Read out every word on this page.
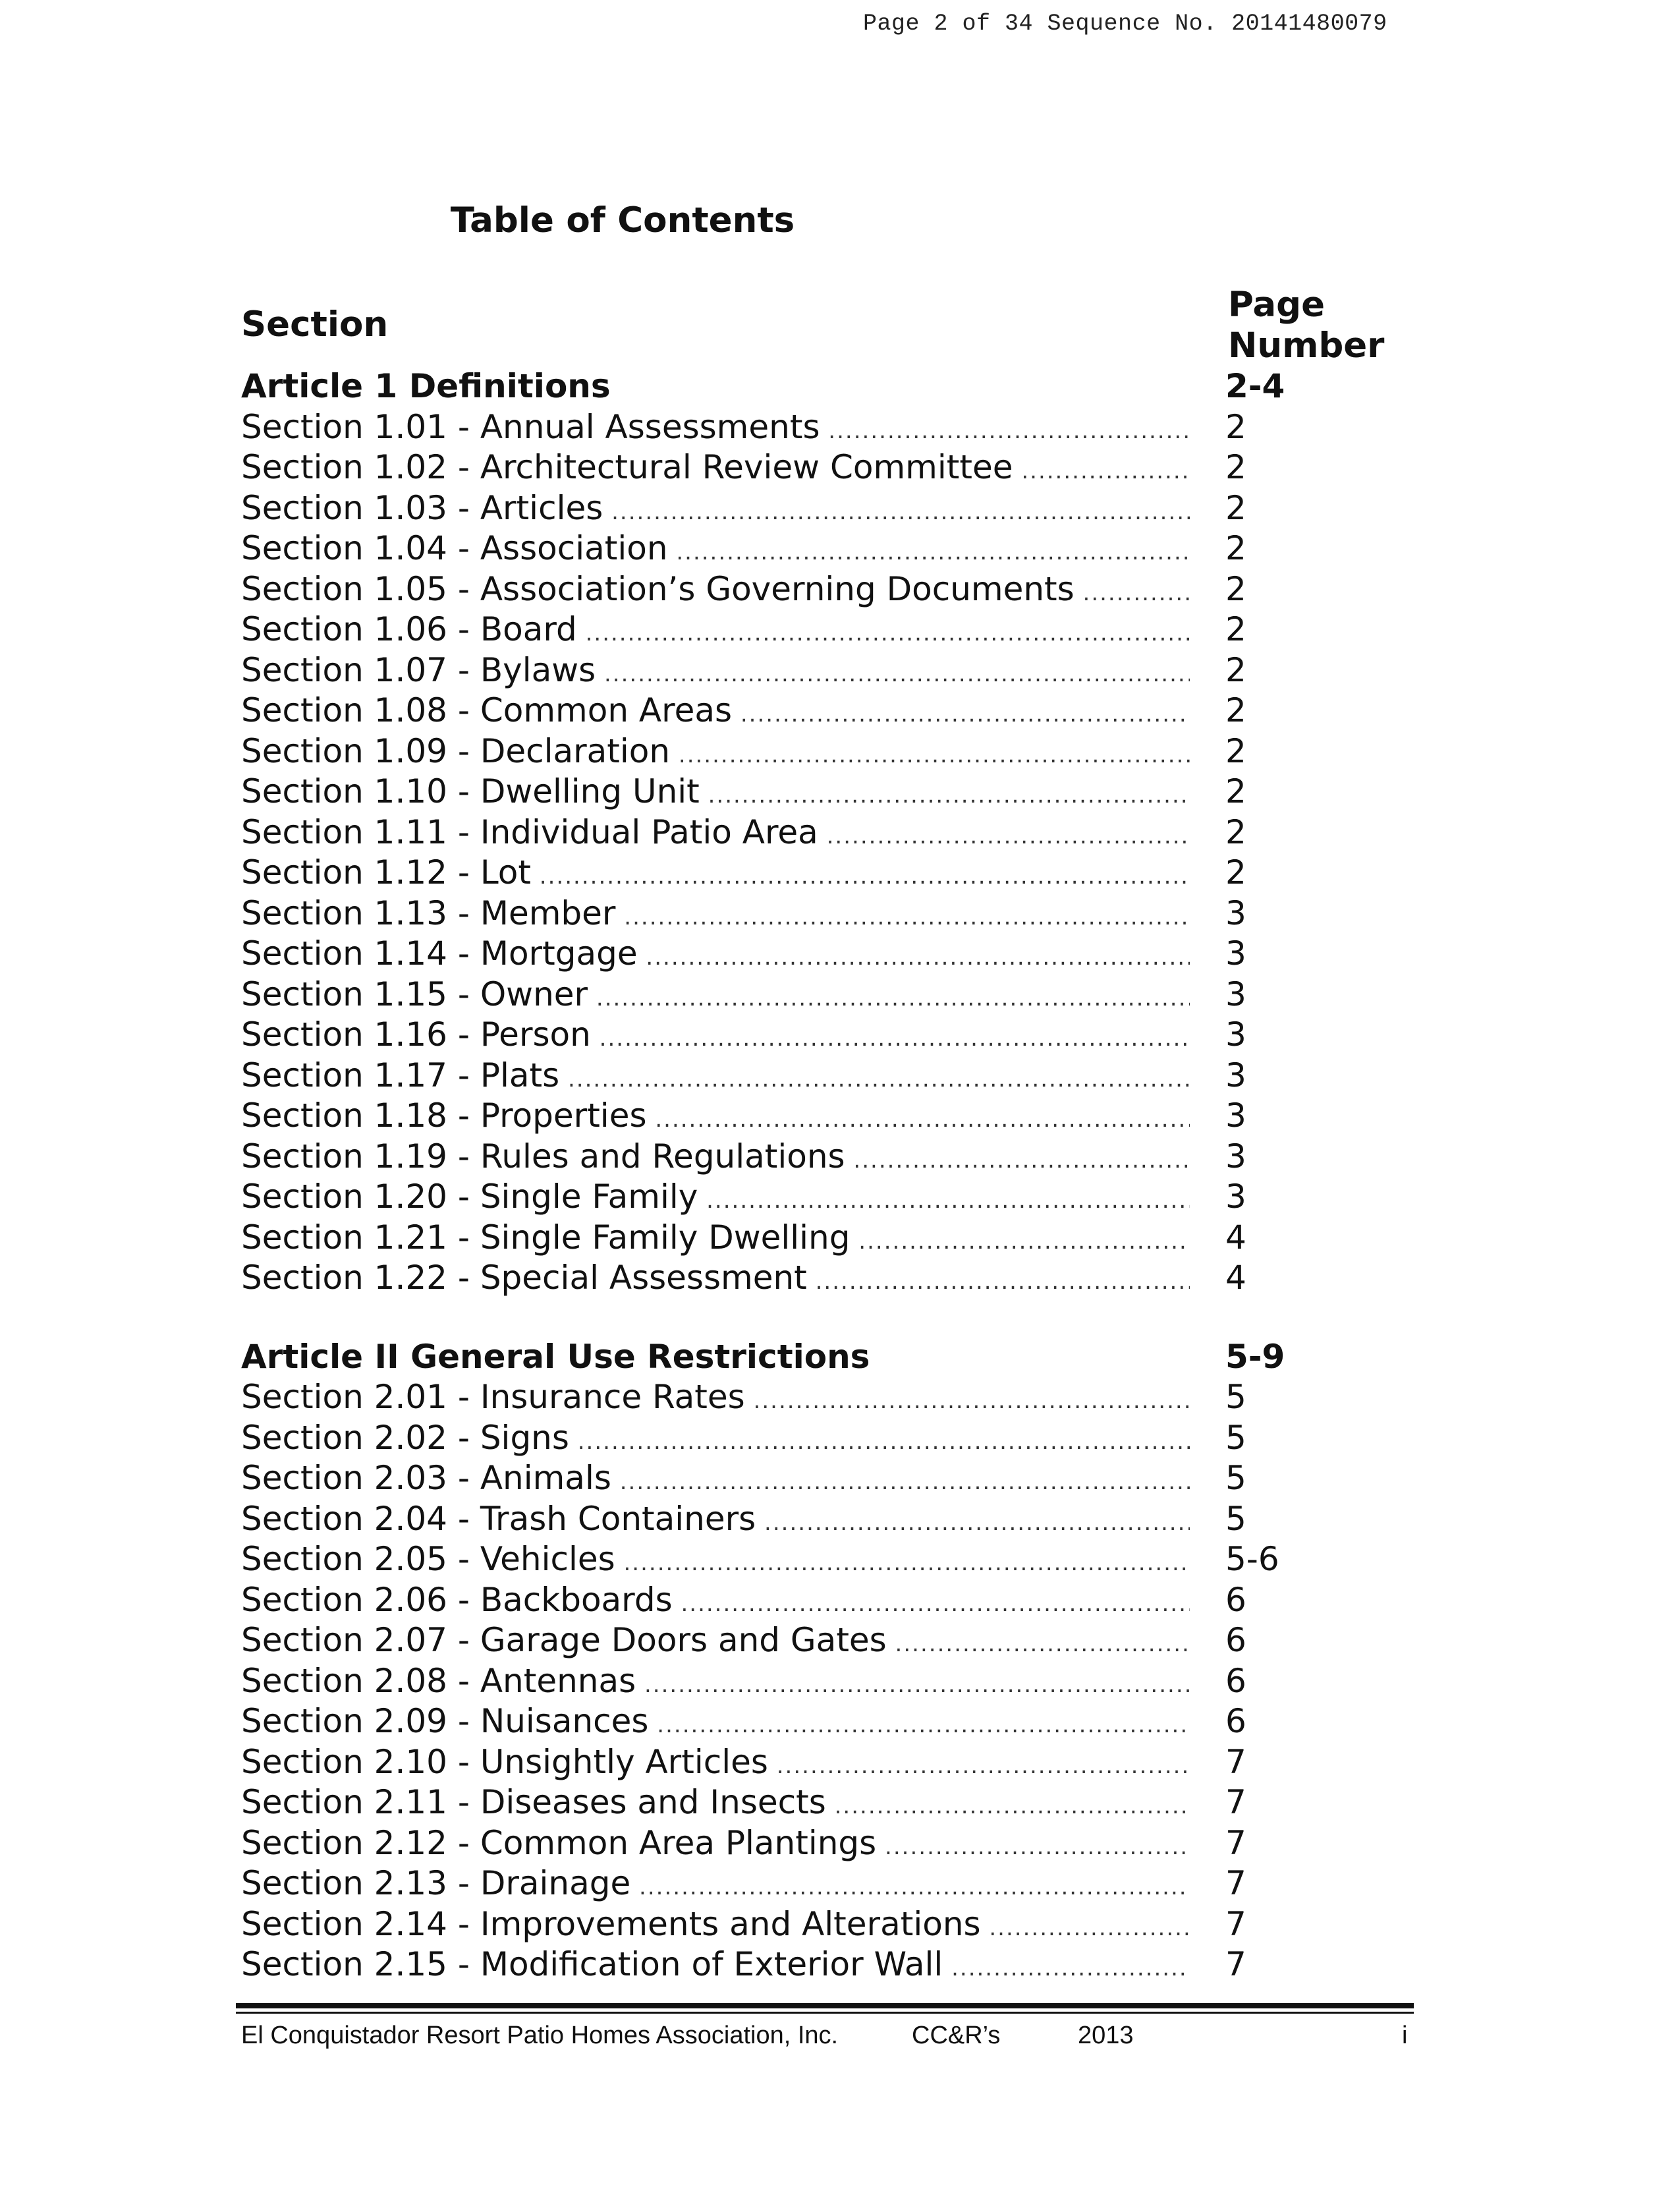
Page 2 of 34 Sequence No. 20141480079
Table of Contents
Section	Page
Number
Article 1 Definitions	2-4
Section 1.01 - Annual Assessments .....	2
Section 1.02 - Architectural Review Committee .....	2
Section 1.03 - Articles .....	2
Section 1.04 - Association .....	2
Section 1.05 - Association’s Governing Documents .....	2
Section 1.06 - Board .....	2
Section 1.07 - Bylaws .....	2
Section 1.08 - Common Areas .....	2
Section 1.09 - Declaration .....	2
Section 1.10 - Dwelling Unit .....	2
Section 1.11 - Individual Patio Area .....	2
Section 1.12 - Lot .....	2
Section 1.13 - Member .....	3
Section 1.14 - Mortgage .....	3
Section 1.15 - Owner .....	3
Section 1.16 - Person .....	3
Section 1.17 - Plats .....	3
Section 1.18 - Properties .....	3
Section 1.19 - Rules and Regulations .....	3
Section 1.20 - Single Family .....	3
Section 1.21 - Single Family Dwelling .....	4
Section 1.22 - Special Assessment .....	4
Article II General Use Restrictions	5-9
Section 2.01 - Insurance Rates .....	5
Section 2.02 - Signs .....	5
Section 2.03 - Animals .....	5
Section 2.04 - Trash Containers .....	5
Section 2.05 - Vehicles .....	5-6
Section 2.06 - Backboards .....	6
Section 2.07 - Garage Doors and Gates .....	6
Section 2.08 - Antennas .....	6
Section 2.09 - Nuisances .....	6
Section 2.10 - Unsightly Articles .....	7
Section 2.11 - Diseases and Insects .....	7
Section 2.12 - Common Area Plantings .....	7
Section 2.13 - Drainage .....	7
Section 2.14 - Improvements and Alterations .....	7
Section 2.15 - Modification of Exterior Wall .....	7
El Conquistador Resort Patio Homes Association, Inc.	CC&R’s	2013	i
